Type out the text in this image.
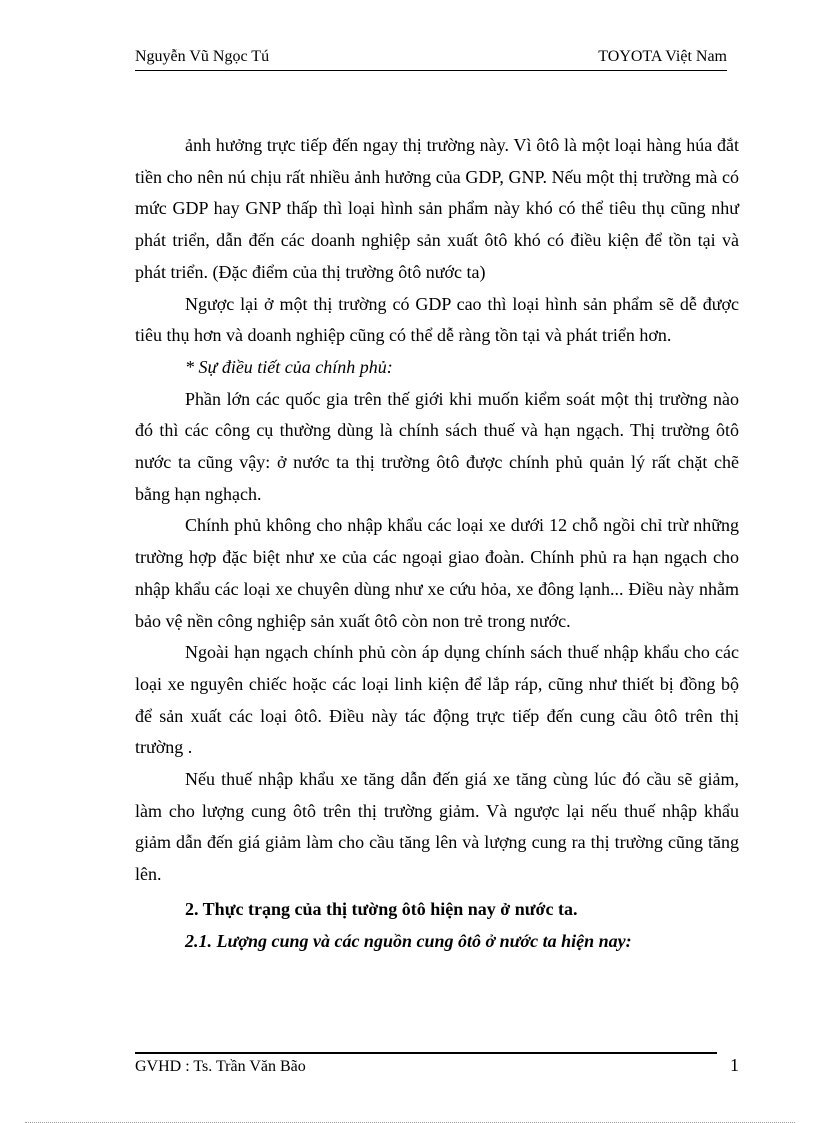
Nguyễn Vũ Ngọc Tú	TOYOTA Việt Nam

ảnh hưởng trực tiếp đến ngay thị trường này. Vì ôtô là một loại hàng húa đắt tiền cho nên nú chịu rất nhiều ảnh hưởng của GDP, GNP. Nếu một thị trường mà có mức GDP hay GNP thấp thì loại hình sản phẩm này khó có thể tiêu thụ cũng như phát triển, dẫn đến các doanh nghiệp sản xuất ôtô khó có điều kiện để tồn tại và phát triển. (Đặc điểm của thị trường ôtô nước ta)

Ngược lại ở một thị trường có GDP cao thì loại hình sản phẩm sẽ dễ được tiêu thụ hơn và doanh nghiệp cũng có thể dễ ràng tồn tại và phát triển hơn.

* Sự điều tiết của chính phủ:

Phần lớn các quốc gia trên thế giới khi muốn kiểm soát một thị trường nào đó thì các công cụ thường dùng là chính sách thuế và hạn ngạch. Thị trường ôtô nước ta cũng vậy: ở nước ta thị trường ôtô được chính phủ quản lý rất chặt chẽ bằng hạn nghạch.

Chính phủ không cho nhập khẩu các loại xe dưới 12 chỗ ngồi chỉ trừ những trường hợp đặc biệt như xe của các ngoại giao đoàn. Chính phủ ra hạn ngạch cho nhập khẩu các loại xe chuyên dùng như xe cứu hỏa, xe đông lạnh... Điều này nhằm bảo vệ nền công nghiệp sản xuất ôtô còn non trẻ trong nước.

Ngoài hạn ngạch chính phủ còn áp dụng chính sách thuế nhập khẩu cho các loại xe nguyên chiếc hoặc các loại linh kiện để lắp ráp, cũng như thiết bị đồng bộ để sản xuất các loại ôtô. Điều này tác động trực tiếp đến cung cầu ôtô trên thị trường .

Nếu thuế nhập khẩu xe tăng dẫn đến giá xe tăng cùng lúc đó cầu sẽ giảm, làm cho lượng cung ôtô trên thị trường giảm. Và ngược lại nếu thuế nhập khẩu giảm dẫn đến giá giảm làm cho cầu tăng lên và lượng cung ra thị trường cũng tăng lên.

2. Thực trạng của thị tường ôtô hiện nay ở nước ta.

2.1. Lượng cung và các nguồn cung ôtô ở nước ta hiện nay:

GVHD : Ts. Trần Văn Bão	1
